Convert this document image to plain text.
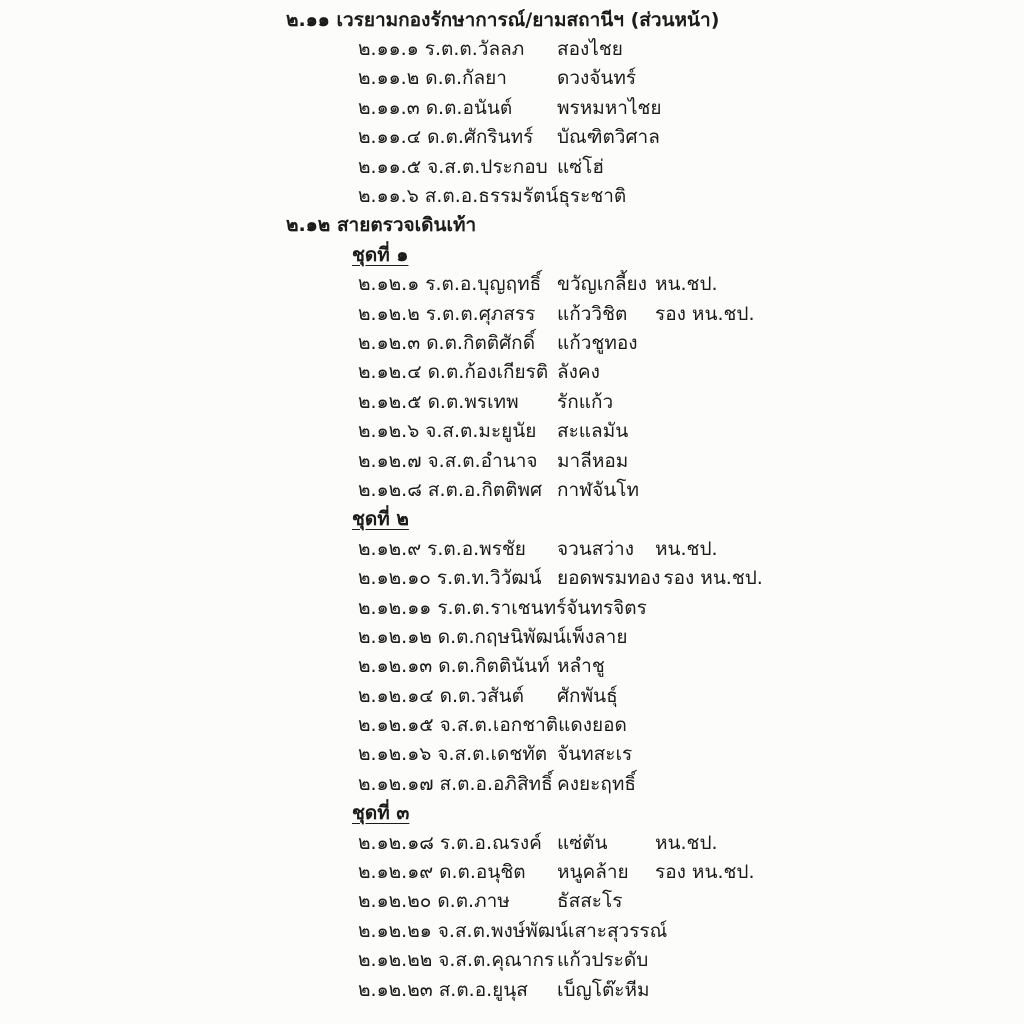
๒.๑๑ เวรยามกองรักษาการณ์/ยามสถานีฯ (ส่วนหน้า)
๒.๑๑.๑ ร.ต.ต.วัลลภ สองไชย
๒.๑๑.๒ ด.ต.กัลยา	ดวงจันทร์
๒.๑๑.๓ ด.ต.อนันต์ พรหมหาไชย
๒.๑๑.๔ ด.ต.ศักรินทร์ บัณฑิตวิศาล
๒.๑๑.๕ จ.ส.ต.ประกอบ แซ่โฮ่
๒.๑๑.๖ ส.ต.อ.ธรรมรัตน์ ธุระชาติ
๒.๑๒ สายตรวจเดินเท้า
ชุดที่ ๑
๒.๑๒.๑ ร.ต.อ.บุญฤทธิ์ ขวัญเกลี้ยง หน.ชป.
๒.๑๒.๒ ร.ต.ต.ศุภสรร แก้ววิชิต	รอง หน.ชป.
๒.๑๒.๓ ด.ต.กิตติศักดิ์ แก้วชูทอง
๒.๑๒.๔ ด.ต.ก้องเกียรติ ลังคง
๒.๑๒.๕ ด.ต.พรเทพ รักแก้ว
๒.๑๒.๖ จ.ส.ต.มะยูนัย สะแลมัน
๒.๑๒.๗ จ.ส.ต.อำนาจ มาลีหอม
๒.๑๒.๘ ส.ต.อ.กิตติพศ กาฬจันโท
ชุดที่ ๒
๒.๑๒.๙ ร.ต.อ.พรชัย จวนสว่าง	หน.ชป.
๒.๑๒.๑๐ ร.ต.ท.วิวัฒน์ ยอดพรมทอง รอง หน.ชป.
๒.๑๒.๑๑ ร.ต.ต.ราเชนทร์ จันทรจิตร
๒.๑๒.๑๒ ด.ต.กฤษนิพัฒน์ เพ็งลาย
๒.๑๒.๑๓ ด.ต.กิตตินันท์ หลำชู
๒.๑๒.๑๔ ด.ต.วสันต์ ศักพันธุ์
๒.๑๒.๑๕ จ.ส.ต.เอกชาติ แดงยอด
๒.๑๒.๑๖ จ.ส.ต.เดชทัต จันทสะเร
๒.๑๒.๑๗ ส.ต.อ.อภิสิทธิ์ คงยะฤทธิ์
ชุดที่ ๓
๒.๑๒.๑๘ ร.ต.อ.ณรงค์ แซ่ตัน	หน.ชป.
๒.๑๒.๑๙ ด.ต.อนุชิต หนูคล้าย	รอง หน.ชป.
๒.๑๒.๒๐ ด.ต.ภาษ ธัสสะโร
๒.๑๒.๒๑ จ.ส.ต.พงษ์พัฒน์ เสาะสุวรรณ์
๒.๑๒.๒๒ จ.ส.ต.คุณากร แก้วประดับ
๒.๑๒.๒๓ ส.ต.อ.ยูนุส เบ็ญโต๊ะหีม
